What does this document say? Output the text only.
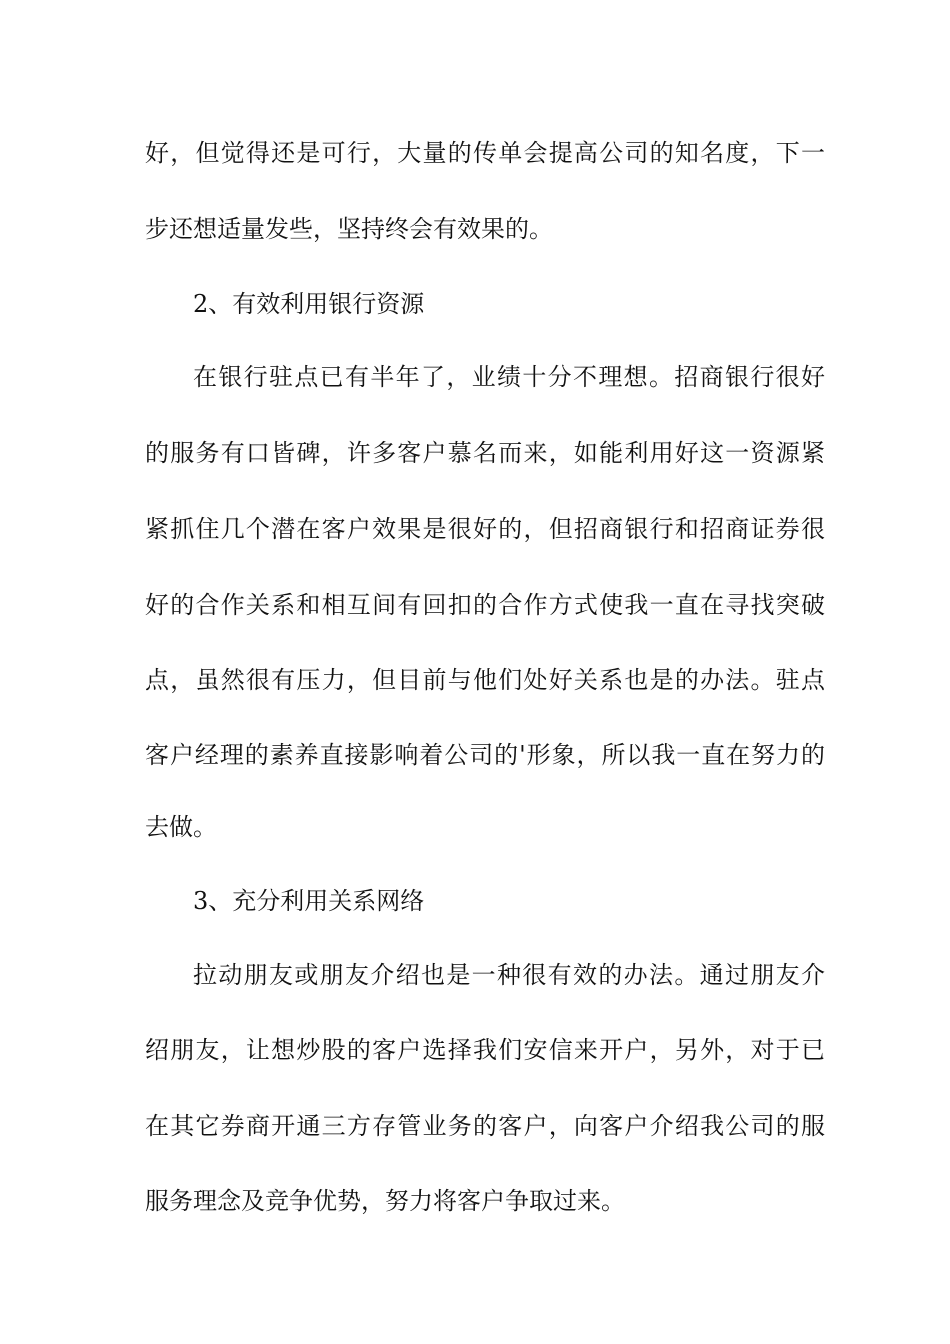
好，但觉得还是可行，大量的传单会提高公司的知名度，下一
步还想适量发些，坚持终会有效果的。
2、有效利用银行资源
在银行驻点已有半年了，业绩十分不理想。招商银行很好
的服务有口皆碑，许多客户慕名而来，如能利用好这一资源紧
紧抓住几个潜在客户效果是很好的，但招商银行和招商证券很
好的合作关系和相互间有回扣的合作方式使我一直在寻找突破
点，虽然很有压力，但目前与他们处好关系也是的办法。驻点
客户经理的素养直接影响着公司的'形象，所以我一直在努力的
去做。
3、充分利用关系网络
拉动朋友或朋友介绍也是一种很有效的办法。通过朋友介
绍朋友，让想炒股的客户选择我们安信来开户，另外，对于已
在其它券商开通三方存管业务的客户，向客户介绍我公司的服
服务理念及竞争优势，努力将客户争取过来。
